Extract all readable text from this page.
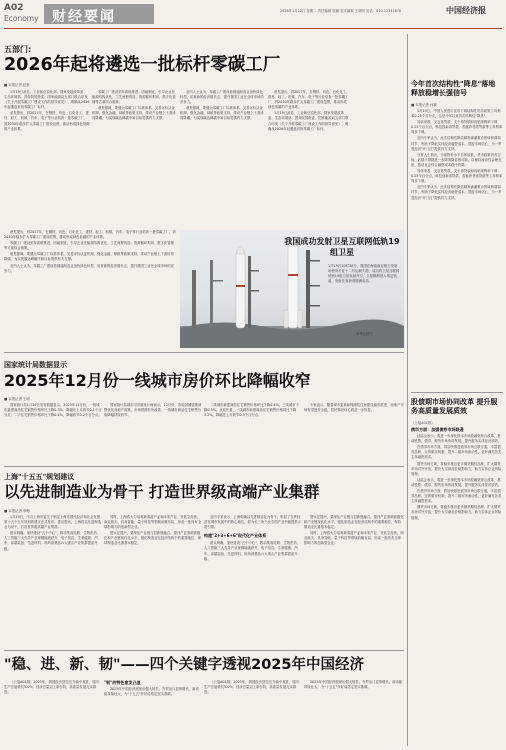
A02
Economy 财经要闻	2026年1月20日 星期二 责任编辑 张鹏 美术编辑 王晓明 电话：010-12345678	中国经济报
五部门:
2026年起将遴选一批标杆零碳工厂
■ 本报记者 赵新

1月19日消息，工业和信息化部、国家发展改革委、生态环境部、国务院国资委、国家能源局五部门联合印发《关于开展零碳工厂建设工作的指导意见》，明确从2026年起遴选首批零碳工厂标杆。

意见提出，到2027年，在钢铁、有色、石化化工、建材、轻工、机械、汽车、电子等行业培育一批零碳工厂，到2030年稳步扩大零碳工厂建设范围，推动形成绿色低碳的产业体系。

零碳工厂建设坚持系统推进、因地制宜，引导企业在能源结构优化、工艺流程再造、资源循环利用、数字化管理等方面综合施策。

意见强调，要健全零碳工厂标准体系，完善评价认证机制，强化金融、财税等政策支持，带动产业链上下游协同降碳，为实现碳达峰碳中和目标提供有力支撑。

业内人士认为，零碳工厂建设将倒逼制造业加快绿色转型，培育新的经济增长点，提升我国工业在全球市场的竞争力。

意见强调，要健全零碳工厂标准体系，完善评价认证机制，强化金融、财税等政策支持，带动产业链上下游协同降碳，为实现碳达峰碳中和目标提供有力支撑。

意见提出，到2027年，在钢铁、有色、石化化工、建材、轻工、机械、汽车、电子等行业培育一批零碳工厂，到2030年稳步扩大零碳工厂建设范围，推动形成绿色低碳的产业体系。

1月19日消息，工业和信息化部、国家发展改革委、生态环境部、国务院国资委、国家能源局五部门联合印发《关于开展零碳工厂建设工作的指导意见》，明确从2026年起遴选首批零碳工厂标杆。

我国成功发射卫星互联网低轨19组卫星
1月19日10时30分，我国在海南商业航天发射场使用长征十二号运载火箭，成功将卫星互联网低轨19组卫星发射升空，卫星顺利进入预定轨道，发射任务获得圆满成功。
新华社图文

意见提出，到2027年，在钢铁、有色、石化化工、建材、轻工、机械、汽车、电子等行业培育一批零碳工厂，到2030年稳步扩大零碳工厂建设范围，推动形成绿色低碳的产业体系。

零碳工厂建设坚持系统推进、因地制宜，引导企业在能源结构优化、工艺流程再造、资源循环利用、数字化管理等方面综合施策。

意见强调，要健全零碳工厂标准体系，完善评价认证机制，强化金融、财税等政策支持，带动产业链上下游协同降碳，为实现碳达峰碳中和目标提供有力支撑。

业内人士认为，零碳工厂建设将倒逼制造业加快绿色转型，培育新的经济增长点，提升我国工业在全球市场的竞争力。

国家统计局数据显示
2025年12月份一线城市房价环比降幅收窄
■ 本报记者 王明

国家统计局1月19日发布数据显示，2025年12月份，一线城市新建商品住宅销售价格环比下降0.3%，降幅比上月收窄0.1个百分点；二手住宅销售价格环比下降0.4%，降幅收窄0.2个百分点。

国家统计局城市司首席统计师表示，12月份，各地因城施策调整优化房地产政策，市场预期有所改善，一线城市商品住宅销售价格降幅持续收窄。

二线城市新建商品住宅销售价格环比下降0.4%，三线城市下降0.5%。从同比看，一线城市新建商品住宅销售价格同比下降3.2%，降幅比上月收窄0.3个百分点。

专家表示，随着城市更新和保障性住房建设稳步推进，房地产市场有望逐步企稳，居民购房信心将进一步恢复。

上海"十五五"规划建议
以先进制造业为骨干 打造世界级高端产业集群
■ 本报记者 李梅

1月19日，中共上海市委关于制定上海市国民经济和社会发展第十五个五年规划的建议正式发布。建议提出，上海将以先进制造业为骨干，打造世界级高端产业集群。

建议明确，加快建设"五个中心"，推动集成电路、生物医药、人工智能三大先导产业规模能级跃升，电子信息、生命健康、汽车、高端装备、先进材料、时尚消费品六大重点产业集群提质升级。

同时，上海将大力培育新赛道产业和未来产业，在低空经济、商业航天、具身智能、量子科技等领域前瞻布局，形成一批具有全球影响力的创新型企业。

建议还提出，要深化产业链与创新链融合，提升产业基础高级化和产业链现代化水平，强化制造业在经济结构中的重要地位，保持制造业比重基本稳定。

业内专家表示，上海明确以先进制造业为骨干，彰显了实体经济在城市发展中的核心地位，将为长三角乃至全国产业升级提供示范引领。

构建"2+3+6+6"现代化产业体系

建议明确，加快建设"五个中心"，推动集成电路、生物医药、人工智能三大先导产业规模能级跃升，电子信息、生命健康、汽车、高端装备、先进材料、时尚消费品六大重点产业集群提质升级。

建议还提出，要深化产业链与创新链融合，提升产业基础高级化和产业链现代化水平，强化制造业在经济结构中的重要地位，保持制造业比重基本稳定。

同时，上海将大力培育新赛道产业和未来产业，在低空经济、商业航天、具身智能、量子科技等领域前瞻布局，形成一批具有全球影响力的创新型企业。

"稳、进、新、韧"——四个关键字透视2025年中国经济

（上接A01版）2025年，我国经济顶住压力稳中有进，国内生产总值增长5.0%，经济总量迈上新台阶，高质量发展扎实推进。

"韧"的特色愈发凸显

2025年中国经济展现出强大韧性，外贸出口逆势增长，新动能持续壮大，为"十五五"开好局奠定坚实基础。

（上接A01版）2025年，我国经济顶住压力稳中有进，国内生产总值增长5.0%，经济总量迈上新台阶，高质量发展扎实推进。

2025年中国经济展现出强大韧性，外贸出口逆势增长，新动能持续壮大，为"十五五"开好局奠定坚实基础。

今年首次结构性"降息"落地 释放稳增长强信号
■ 本报记者 孙颖

1月19日，中国人民银行宣布下调结构性货币政策工具利率0.25个百分点，这是今年以来首次结构性"降息"。

具体来看，支农再贷款、支小再贷款和再贴现利率下调0.25个百分点，科技创新再贷款、普惠养老再贷款等工具利率同步下调。

业内专家认为，此次结构性降息精准滴灌重点领域和薄弱环节，有助于降低实体经济融资成本，提振市场信心，为一季度经济"开门红"提供有力支持。

分析人士指出，当前物价水平总体较低，货币政策仍有空间，后续不排除进一步降准降息的可能，以保持流动性合理充裕，推动社会综合融资成本稳中有降。

具体来看，支农再贷款、支小再贷款和再贴现利率下调0.25个百分点，科技创新再贷款、普惠养老再贷款等工具利率同步下调。

业内专家认为，此次结构性降息精准滴灌重点领域和薄弱环节，有助于降低实体经济融资成本，提振市场信心，为一季度经济"开门红"提供有力支持。

股债期市场协同改革 提升服务高质量发展质效
（上接A01版）
债市方面：加强债券市场联通

证监会表示，将进一步深化资本市场投融资综合改革，推动股票、债券、期货市场协同发展，提升服务实体经济质效。

在债券市场方面，将加快推进债券市场互联互通，丰富债券品种，完善做市机制，提升二级市场流动性，更好满足各类主体融资需求。

期货市场方面，将稳步推出更多期货期权品种，扩大期货市场对外开放，提升大宗商品价格影响力，助力实体企业风险管理。

证监会表示，将进一步深化资本市场投融资综合改革，推动股票、债券、期货市场协同发展，提升服务实体经济质效。

在债券市场方面，将加快推进债券市场互联互通，丰富债券品种，完善做市机制，提升二级市场流动性，更好满足各类主体融资需求。

期货市场方面，将稳步推出更多期货期权品种，扩大期货市场对外开放，提升大宗商品价格影响力，助力实体企业风险管理。
